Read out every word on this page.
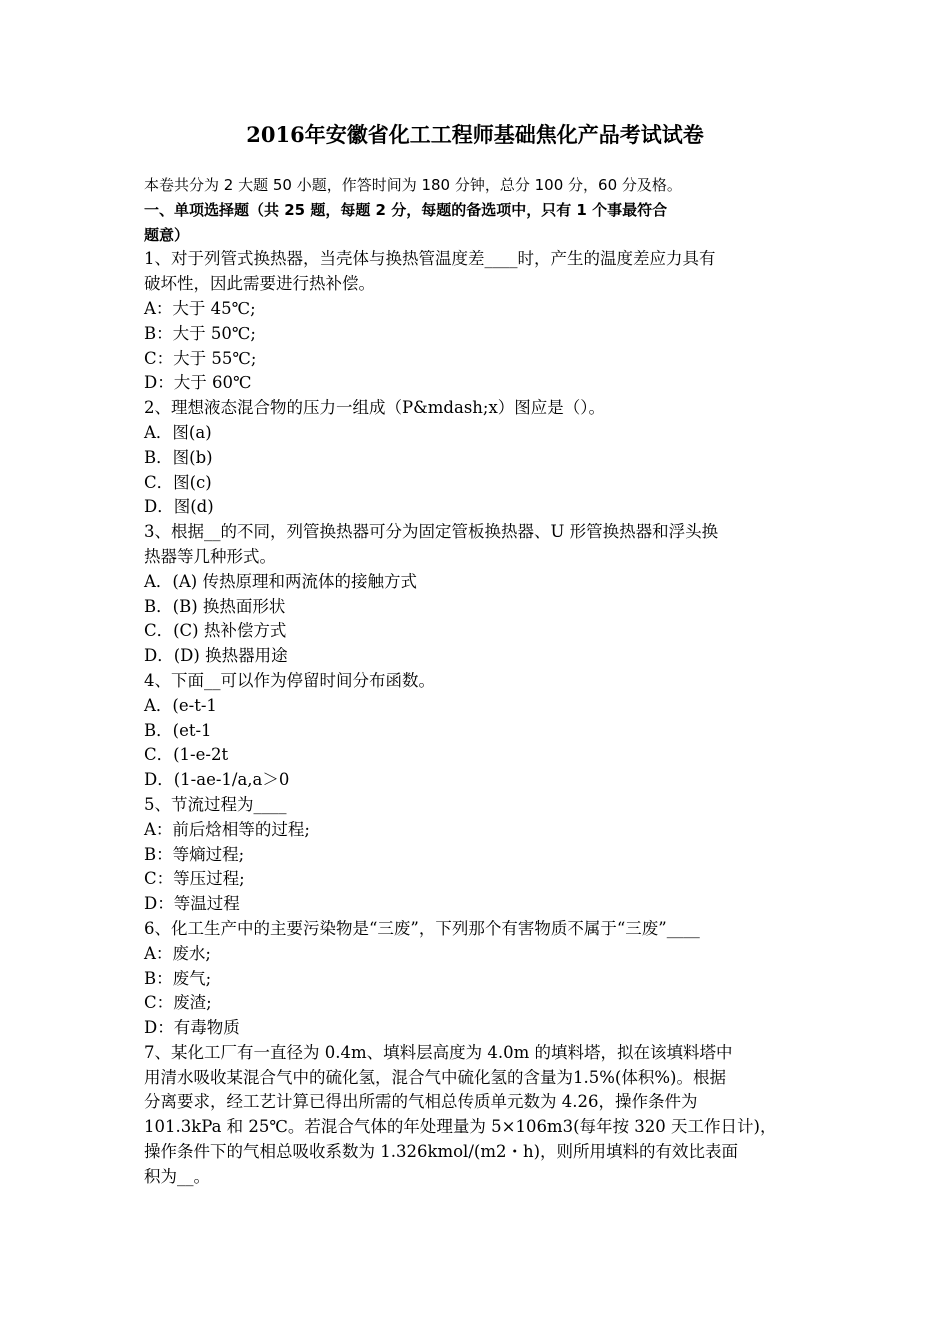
2016年安徽省化工工程师基础焦化产品考试试卷
本卷共分为 2 大题 50 小题，作答时间为 180 分钟，总分 100 分，60 分及格。
一、单项选择题（共 25 题，每题 2 分，每题的备选项中，只有 1 个事最符合
题意）
1、对于列管式换热器，当壳体与换热管温度差____时，产生的温度差应力具有
破坏性，因此需要进行热补偿。
A：大于 45℃;
B：大于 50℃;
C：大于 55℃;
D：大于 60℃
2、理想液态混合物的压力一组成（P&mdash;x）图应是（）。
A．图(a)
B．图(b)
C．图(c)
D．图(d)
3、根据__的不同，列管换热器可分为固定管板换热器、U 形管换热器和浮头换
热器等几种形式。
A．(A) 传热原理和两流体的接触方式
B．(B) 换热面形状
C．(C) 热补偿方式
D．(D) 换热器用途
4、下面__可以作为停留时间分布函数。
A．(e-t-1
B．(et-1
C．(1-e-2t
D．(1-ae-1/a,a＞0
5、节流过程为____
A：前后焓相等的过程;
B：等熵过程;
C：等压过程;
D：等温过程
6、化工生产中的主要污染物是“三废”，下列那个有害物质不属于“三废”____
A：废水;
B：废气;
C：废渣;
D：有毒物质
7、某化工厂有一直径为 0.4m、填料层高度为 4.0m 的填料塔，拟在该填料塔中
用清水吸收某混合气中的硫化氢，混合气中硫化氢的含量为1.5%(体积%)。根据
分离要求，经工艺计算已得出所需的气相总传质单元数为 4.26，操作条件为
101.3kPa 和 25℃。若混合气体的年处理量为 5×106m3(每年按 320 天工作日计)，
操作条件下的气相总吸收系数为 1.326kmol/(m2・h)，则所用填料的有效比表面
积为__。
